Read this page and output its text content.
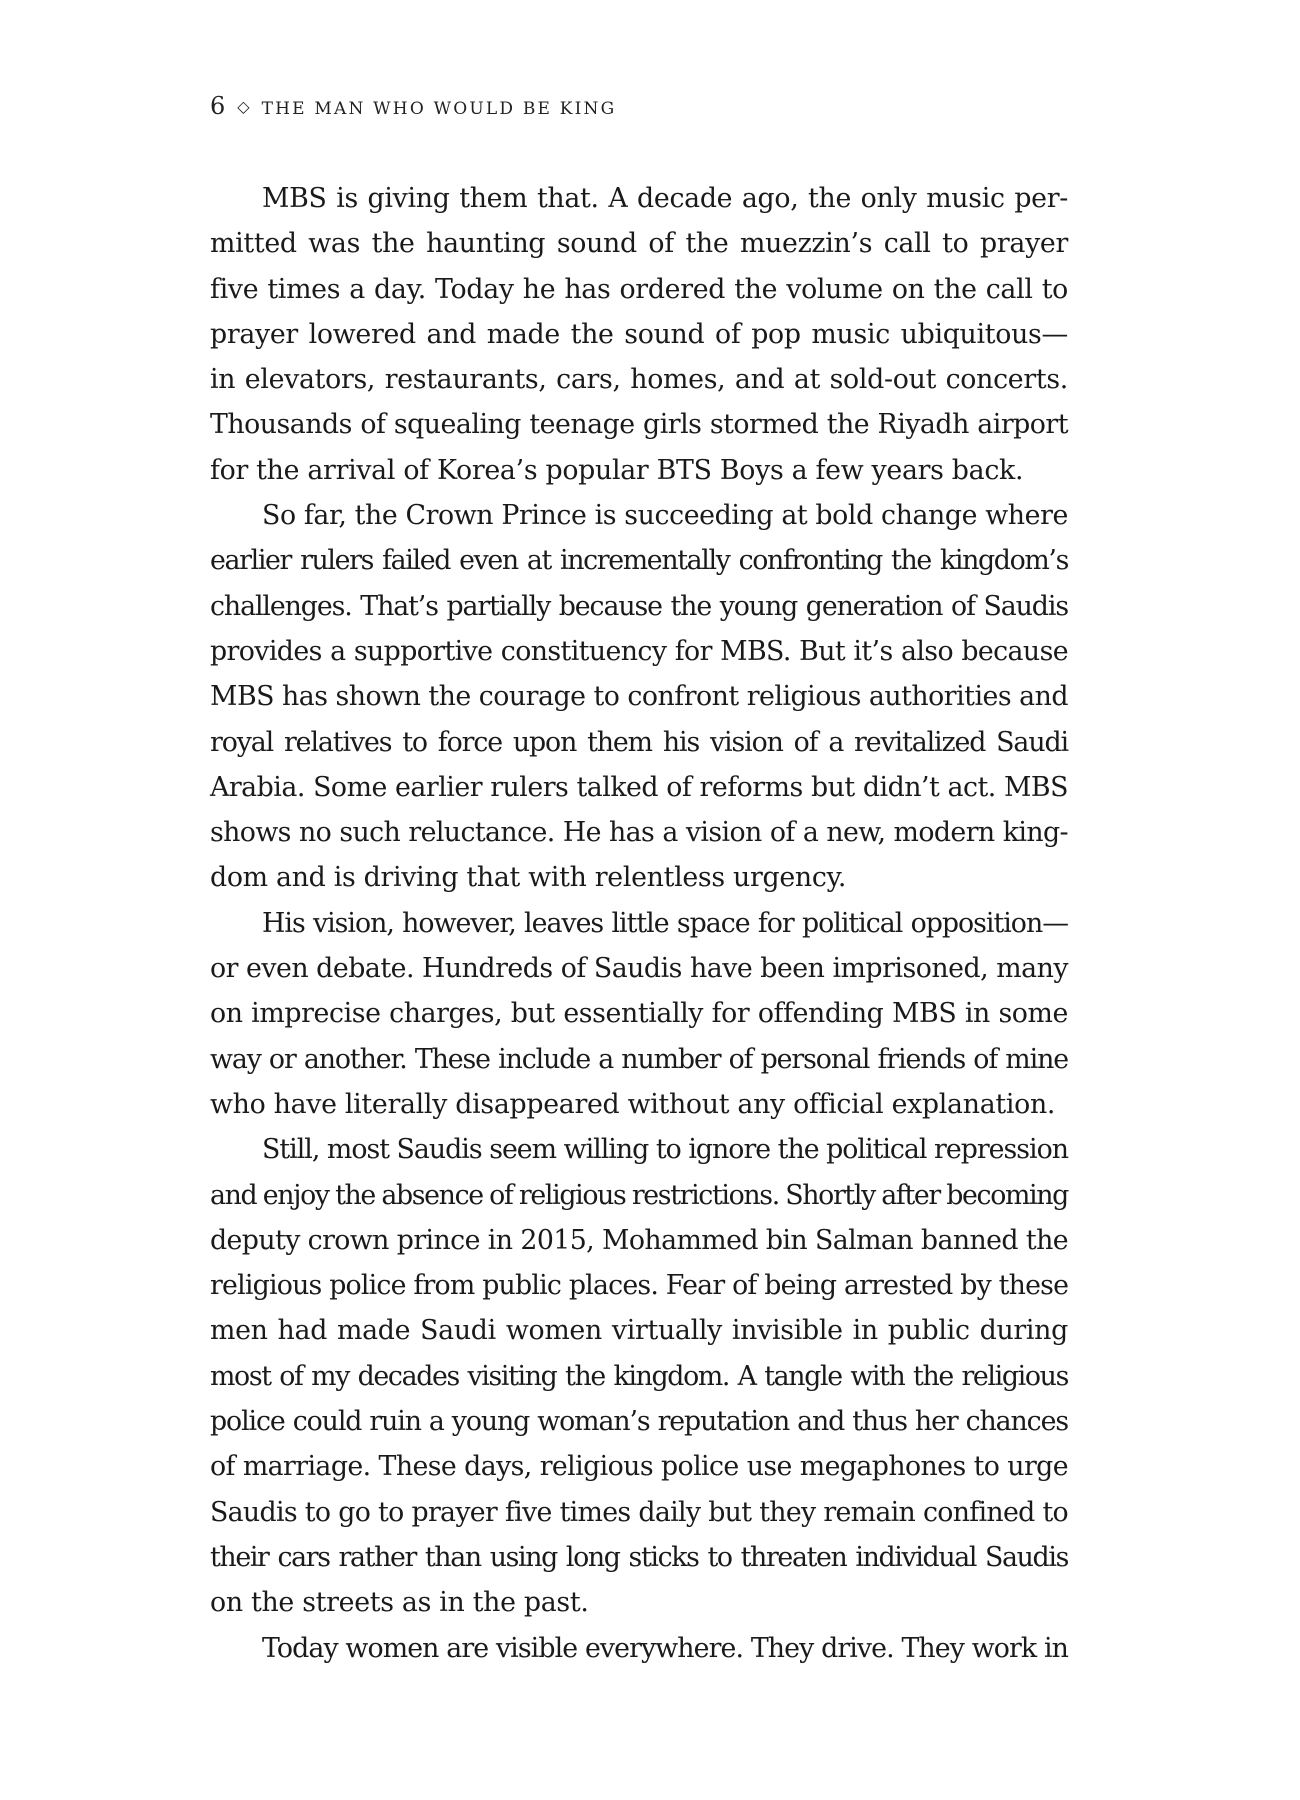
6 ◇ THE MAN WHO WOULD BE KING
MBS is giving them that. A decade ago, the only music per-
mitted was the haunting sound of the muezzin’s call to prayer
five times a day. Today he has ordered the volume on the call to
prayer lowered and made the sound of pop music ubiquitous—
in elevators, restaurants, cars, homes, and at sold-out concerts.
Thousands of squealing teenage girls stormed the Riyadh airport
for the arrival of Korea’s popular BTS Boys a few years back.
So far, the Crown Prince is succeeding at bold change where
earlier rulers failed even at incrementally confronting the kingdom’s
challenges. That’s partially because the young generation of Saudis
provides a supportive constituency for MBS. But it’s also because
MBS has shown the courage to confront religious authorities and
royal relatives to force upon them his vision of a revitalized Saudi
Arabia. Some earlier rulers talked of reforms but didn’t act. MBS
shows no such reluctance. He has a vision of a new, modern king-
dom and is driving that with relentless urgency.
His vision, however, leaves little space for political opposition—
or even debate. Hundreds of Saudis have been imprisoned, many
on imprecise charges, but essentially for offending MBS in some
way or another. These include a number of personal friends of mine
who have literally disappeared without any official explanation.
Still, most Saudis seem willing to ignore the political repression
and enjoy the absence of religious restrictions. Shortly after becoming
deputy crown prince in 2015, Mohammed bin Salman banned the
religious police from public places. Fear of being arrested by these
men had made Saudi women virtually invisible in public during
most of my decades visiting the kingdom. A tangle with the religious
police could ruin a young woman’s reputation and thus her chances
of marriage. These days, religious police use megaphones to urge
Saudis to go to prayer five times daily but they remain confined to
their cars rather than using long sticks to threaten individual Saudis
on the streets as in the past.
Today women are visible everywhere. They drive. They work in
